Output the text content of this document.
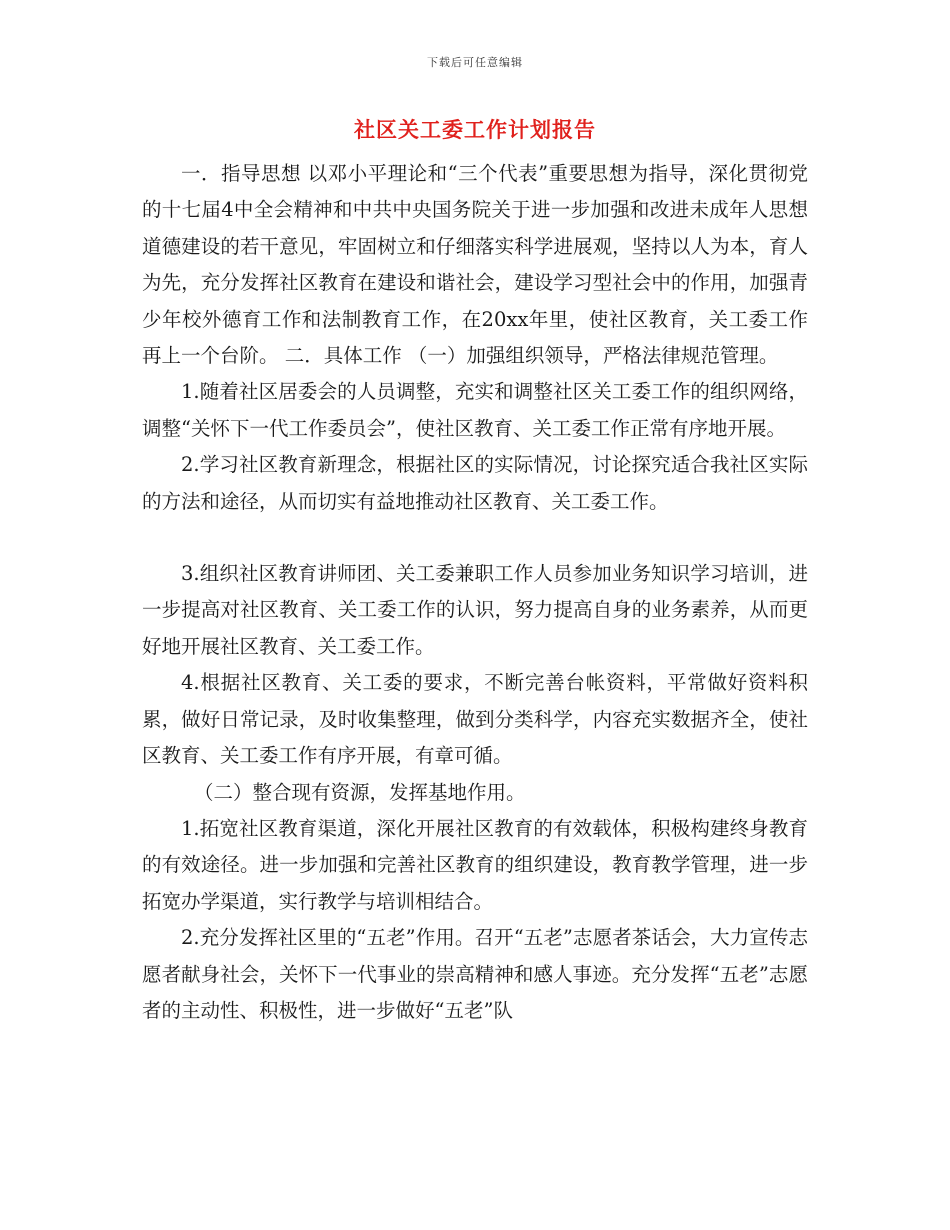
下载后可任意编辑
社区关工委工作计划报告

一．指导思想 以邓小平理论和“三个代表”重要思想为指导，深化贯彻党的十七届4中全会精神和中共中央国务院关于进一步加强和改进未成年人思想道德建设的若干意见，牢固树立和仔细落实科学进展观，坚持以人为本，育人为先，充分发挥社区教育在建设和谐社会，建设学习型社会中的作用，加强青少年校外德育工作和法制教育工作，在20xx年里，使社区教育，关工委工作再上一个台阶。 二．具体工作 （一）加强组织领导，严格法律规范管理。

1.随着社区居委会的人员调整，充实和调整社区关工委工作的组织网络，调整“关怀下一代工作委员会”，使社区教育、关工委工作正常有序地开展。

2.学习社区教育新理念，根据社区的实际情况，讨论探究适合我社区实际的方法和途径，从而切实有益地推动社区教育、关工委工作。

3.组织社区教育讲师团、关工委兼职工作人员参加业务知识学习培训，进一步提高对社区教育、关工委工作的认识，努力提高自身的业务素养，从而更好地开展社区教育、关工委工作。

4.根据社区教育、关工委的要求，不断完善台帐资料，平常做好资料积累，做好日常记录，及时收集整理，做到分类科学，内容充实数据齐全，使社区教育、关工委工作有序开展，有章可循。

（二）整合现有资源，发挥基地作用。

1.拓宽社区教育渠道，深化开展社区教育的有效载体，积极构建终身教育的有效途径。进一步加强和完善社区教育的组织建设，教育教学管理，进一步拓宽办学渠道，实行教学与培训相结合。

2.充分发挥社区里的“五老”作用。召开“五老”志愿者茶话会，大力宣传志愿者献身社会，关怀下一代事业的崇高精神和感人事迹。充分发挥“五老”志愿者的主动性、积极性，进一步做好“五老”队
